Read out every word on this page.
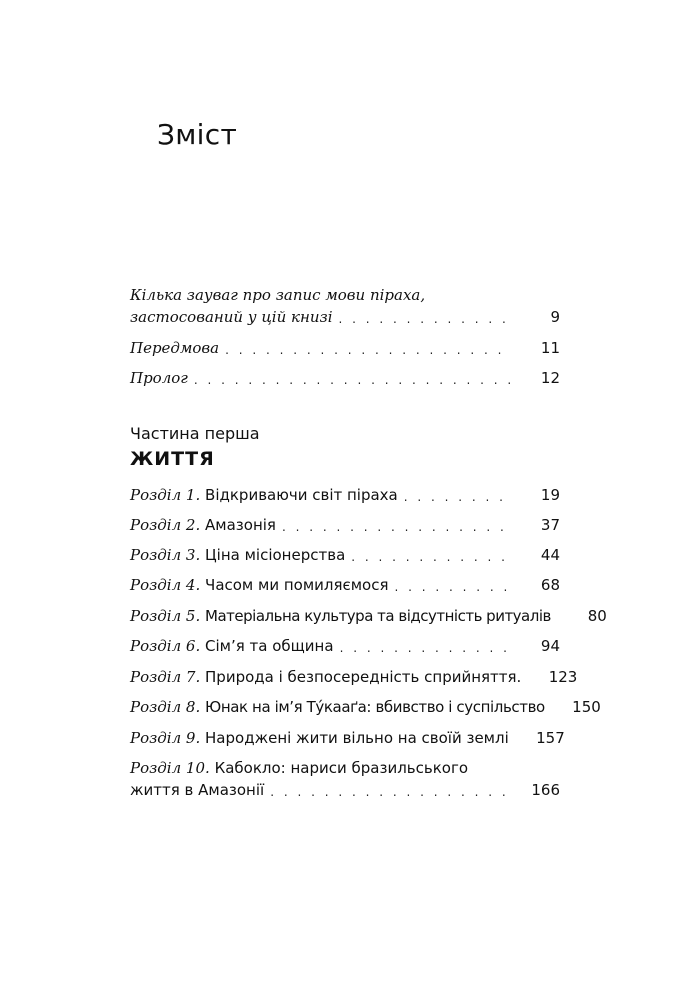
Зміст
Кілька зауваг про запис мови піраха,
застосований у цій книзі . . .	9
Передмова . . .	11
Пролог . . .	12
Частина перша
ЖИТТЯ
Розділ 1. Відкриваючи світ піраха . . .	19
Розділ 2. Амазонія . . .	37
Розділ 3. Ціна місіонерства . . .	44
Розділ 4. Часом ми помиляємося . . .	68
Розділ 5. Матеріальна культура та відсутність ритуалів	80
Розділ 6. Сім’я та община . . .	94
Розділ 7. Природа і безпосередність сприйняття.	123
Розділ 8. Юнак на ім’я Тýкааґа: вбивство і суспільство	150
Розділ 9. Народжені жити вільно на своїй землі	157
Розділ 10. Кабокло: нариси бразильського
життя в Амазонії . . .	166
